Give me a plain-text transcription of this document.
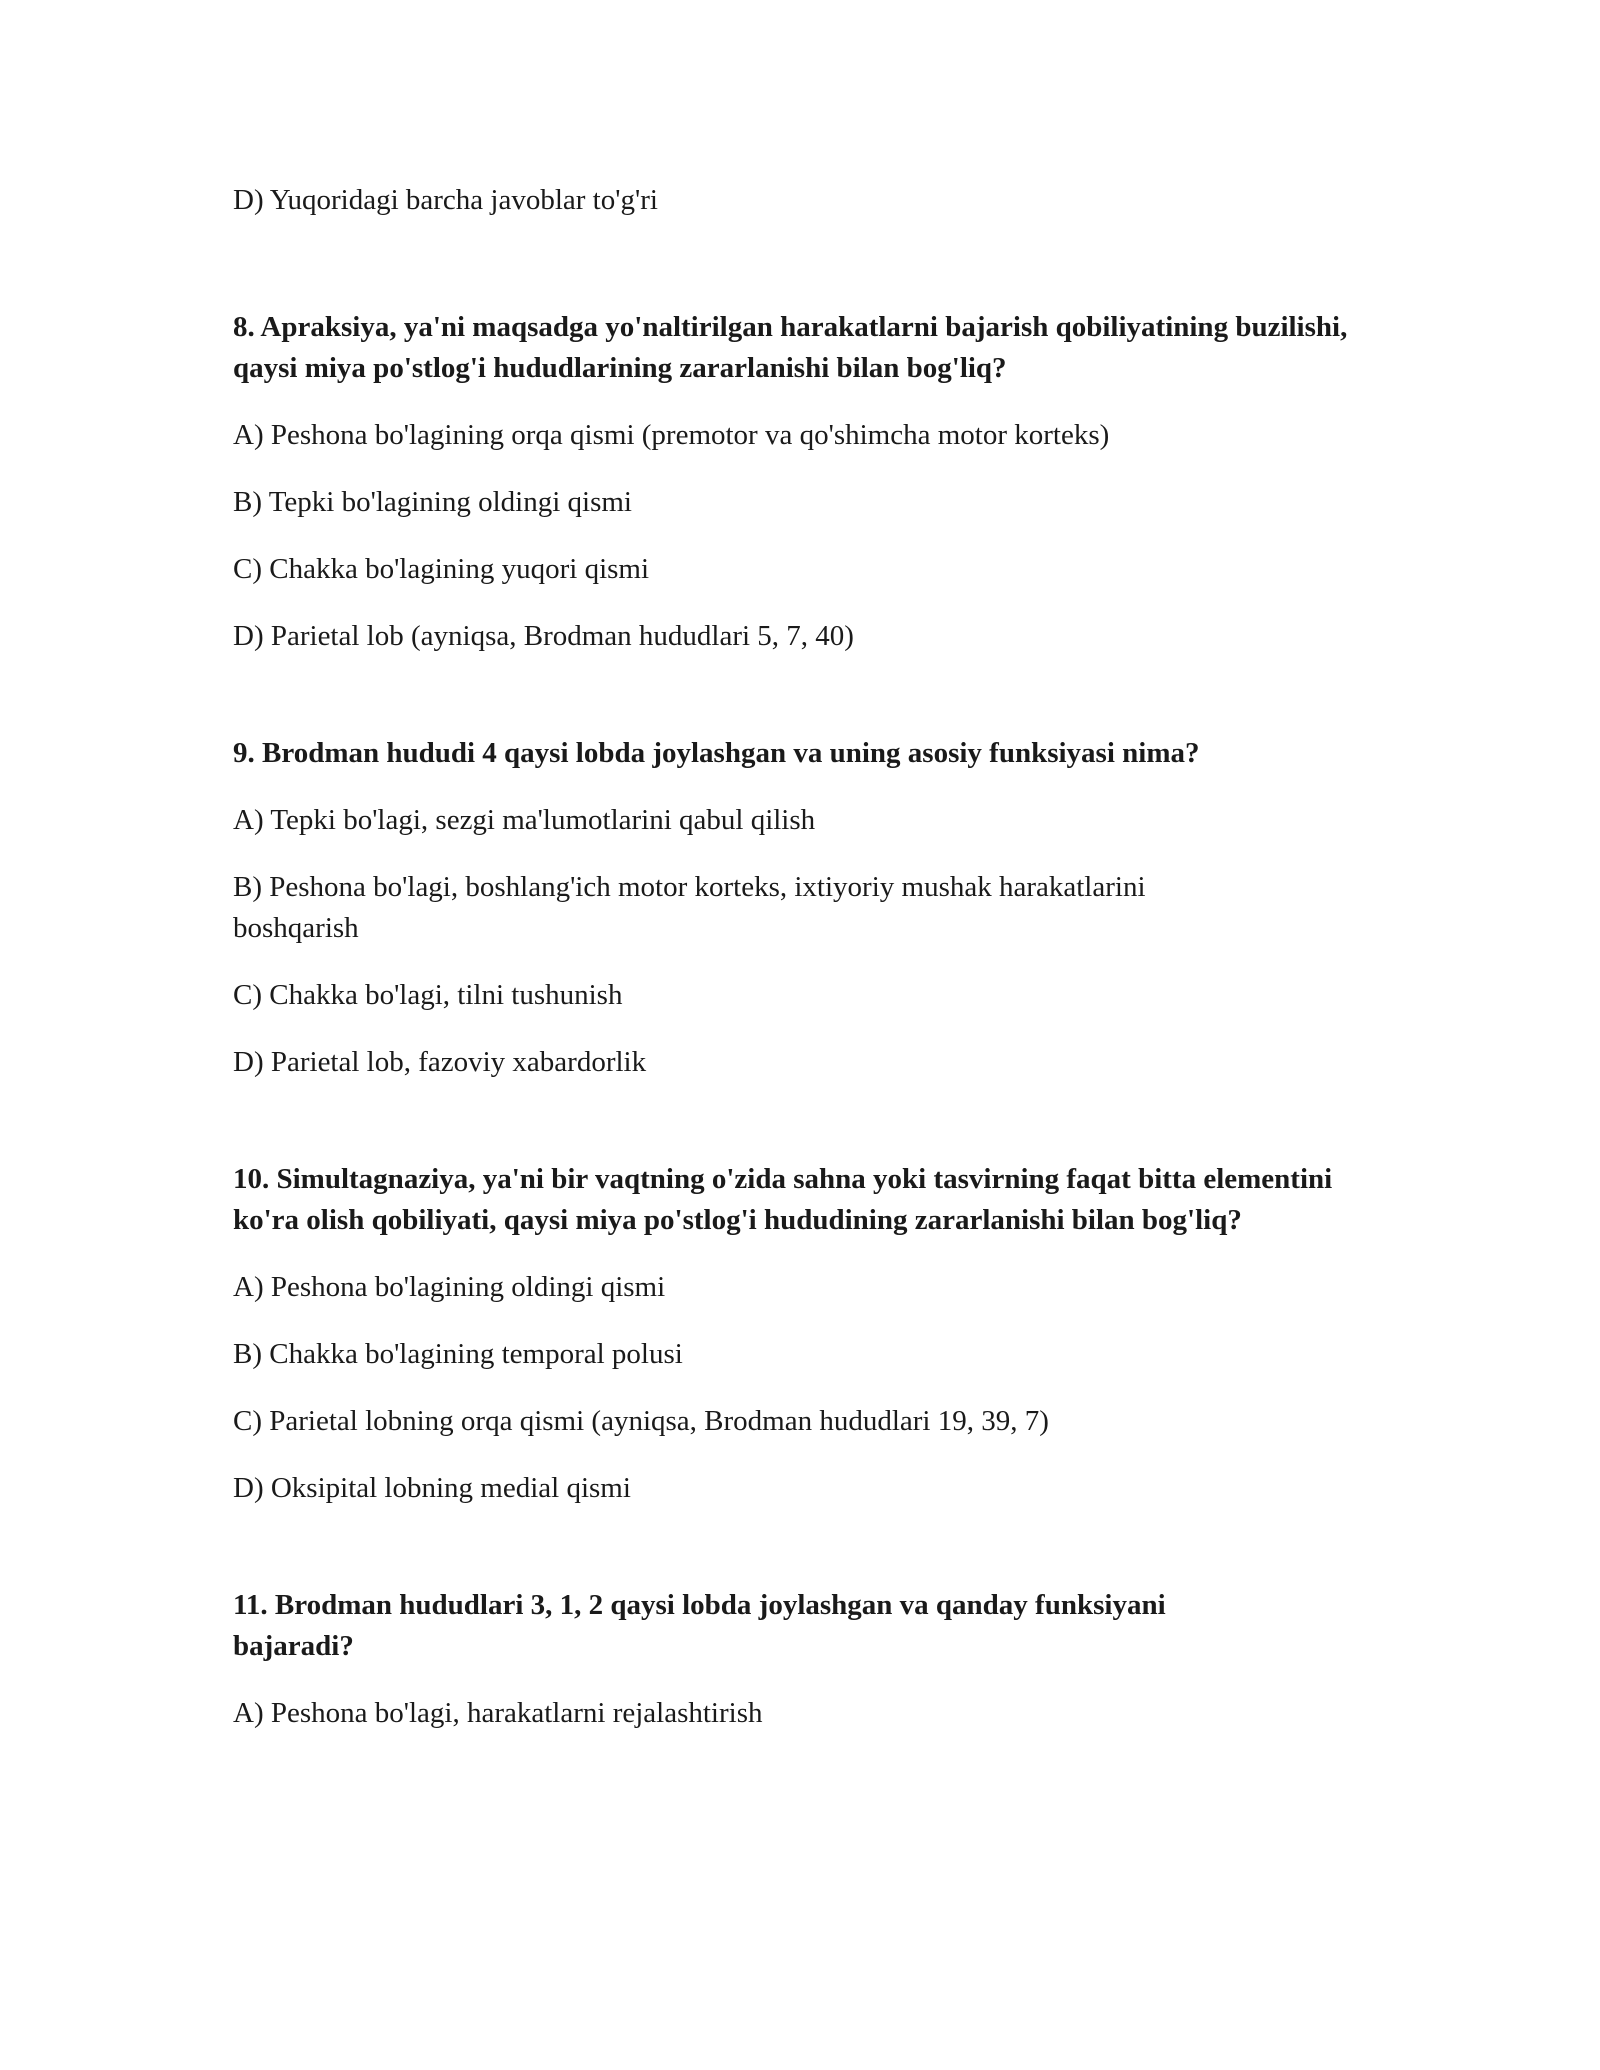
D) Yuqoridagi barcha javoblar to'g'ri

8. Apraksiya, ya'ni maqsadga yo'naltirilgan harakatlarni bajarish qobiliyatining buzilishi, qaysi miya po'stlog'i hududlarining zararlanishi bilan bog'liq?

A) Peshona bo'lagining orqa qismi (premotor va qo'shimcha motor korteks)

B) Tepki bo'lagining oldingi qismi

C) Chakka bo'lagining yuqori qismi

D) Parietal lob (ayniqsa, Brodman hududlari 5, 7, 40)

9. Brodman hududi 4 qaysi lobda joylashgan va uning asosiy funksiyasi nima?

A) Tepki bo'lagi, sezgi ma'lumotlarini qabul qilish

B) Peshona bo'lagi, boshlang'ich motor korteks, ixtiyoriy mushak harakatlarini boshqarish

C) Chakka bo'lagi, tilni tushunish

D) Parietal lob, fazoviy xabardorlik

10. Simultagnaziya, ya'ni bir vaqtning o'zida sahna yoki tasvirning faqat bitta elementini ko'ra olish qobiliyati, qaysi miya po'stlog'i hududining zararlanishi bilan bog'liq?

A) Peshona bo'lagining oldingi qismi

B) Chakka bo'lagining temporal polusi

C) Parietal lobning orqa qismi (ayniqsa, Brodman hududlari 19, 39, 7)

D) Oksipital lobning medial qismi

11. Brodman hududlari 3, 1, 2 qaysi lobda joylashgan va qanday funksiyani bajaradi?

A) Peshona bo'lagi, harakatlarni rejalashtirish
